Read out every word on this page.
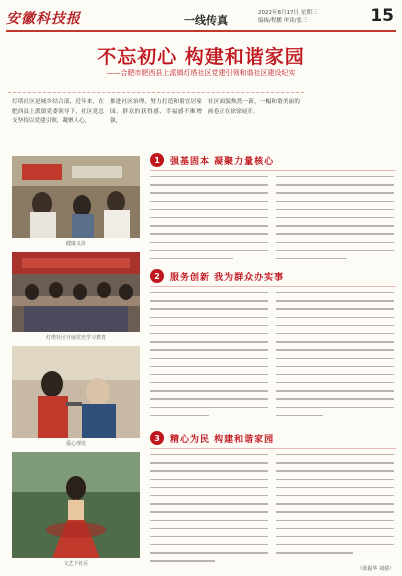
安徽科技报	一线传真
2022年8月17日 星期三
编辑/程鹏 审读/张三	15
不忘初心 构建和谐家园
——合肥市肥西县上派镇灯塔社区党建引领和谐社区建设纪实
灯塔社区是城乡结合部，近年来，在肥西县上派镇党委领导下，社区党总支坚持以党建引领，凝聚人心，
推进社区治理，努力打造和谐宜居家园，群众的获得感、幸福感不断增强，
社区面貌焕然一新，一幅和谐美丽的画卷正在徐徐展开。
健康义诊
1	强基固本 凝聚力量核心
灯塔社区开展党史学习教育
2	服务创新 我为群众办实事
爱心理发
3	精心为民 构建和谐家园
文艺下社区
（张振华 刘倩）
